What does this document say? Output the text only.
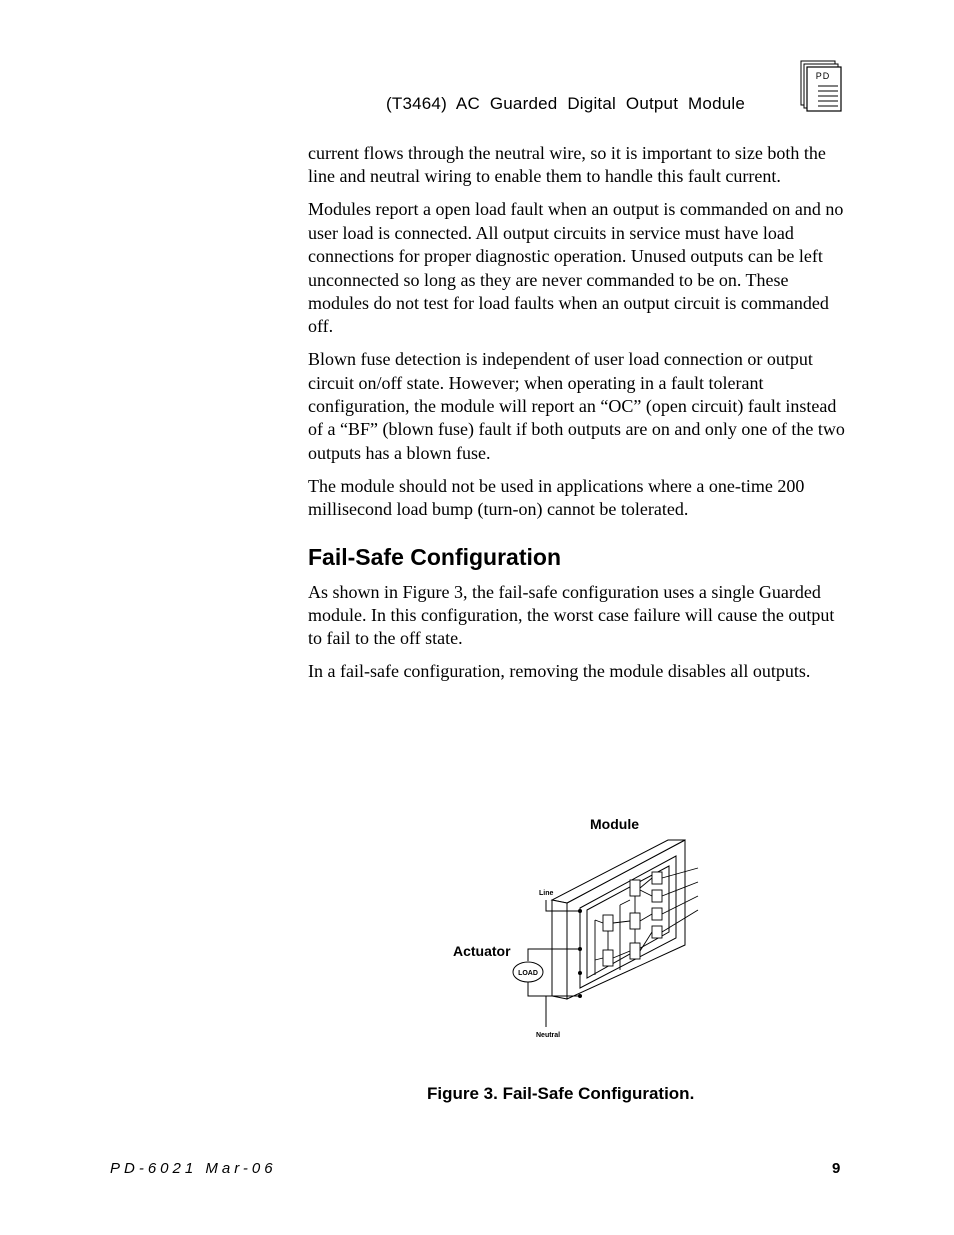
(T3464) AC Guarded Digital Output Module
PD

current flows through the neutral wire, so it is important to size both the line and neutral wiring to enable them to handle this fault current.

Modules report a open load fault when an output is commanded on and no user load is connected. All output circuits in service must have load connections for proper diagnostic operation. Unused outputs can be left unconnected so long as they are never commanded to be on. These modules do not test for load faults when an output circuit is commanded off.

Blown fuse detection is independent of user load connection or output circuit on/off state. However; when operating in a fault tolerant configuration, the module will report an “OC” (open circuit) fault instead of a “BF” (blown fuse) fault if both outputs are on and only one of the two outputs has a blown fuse.

The module should not be used in applications where a one-time 200 millisecond load bump (turn-on) cannot be tolerated.

Fail-Safe Configuration

As shown in Figure 3, the fail-safe configuration uses a single Guarded module. In this configuration, the worst case failure will cause the output to fail to the off state.

In a fail-safe configuration, removing the module disables all outputs.

Module
Line
Actuator
Neutral
LOAD
Figure 3. Fail-Safe Configuration.
PD-6021 Mar-06	9
